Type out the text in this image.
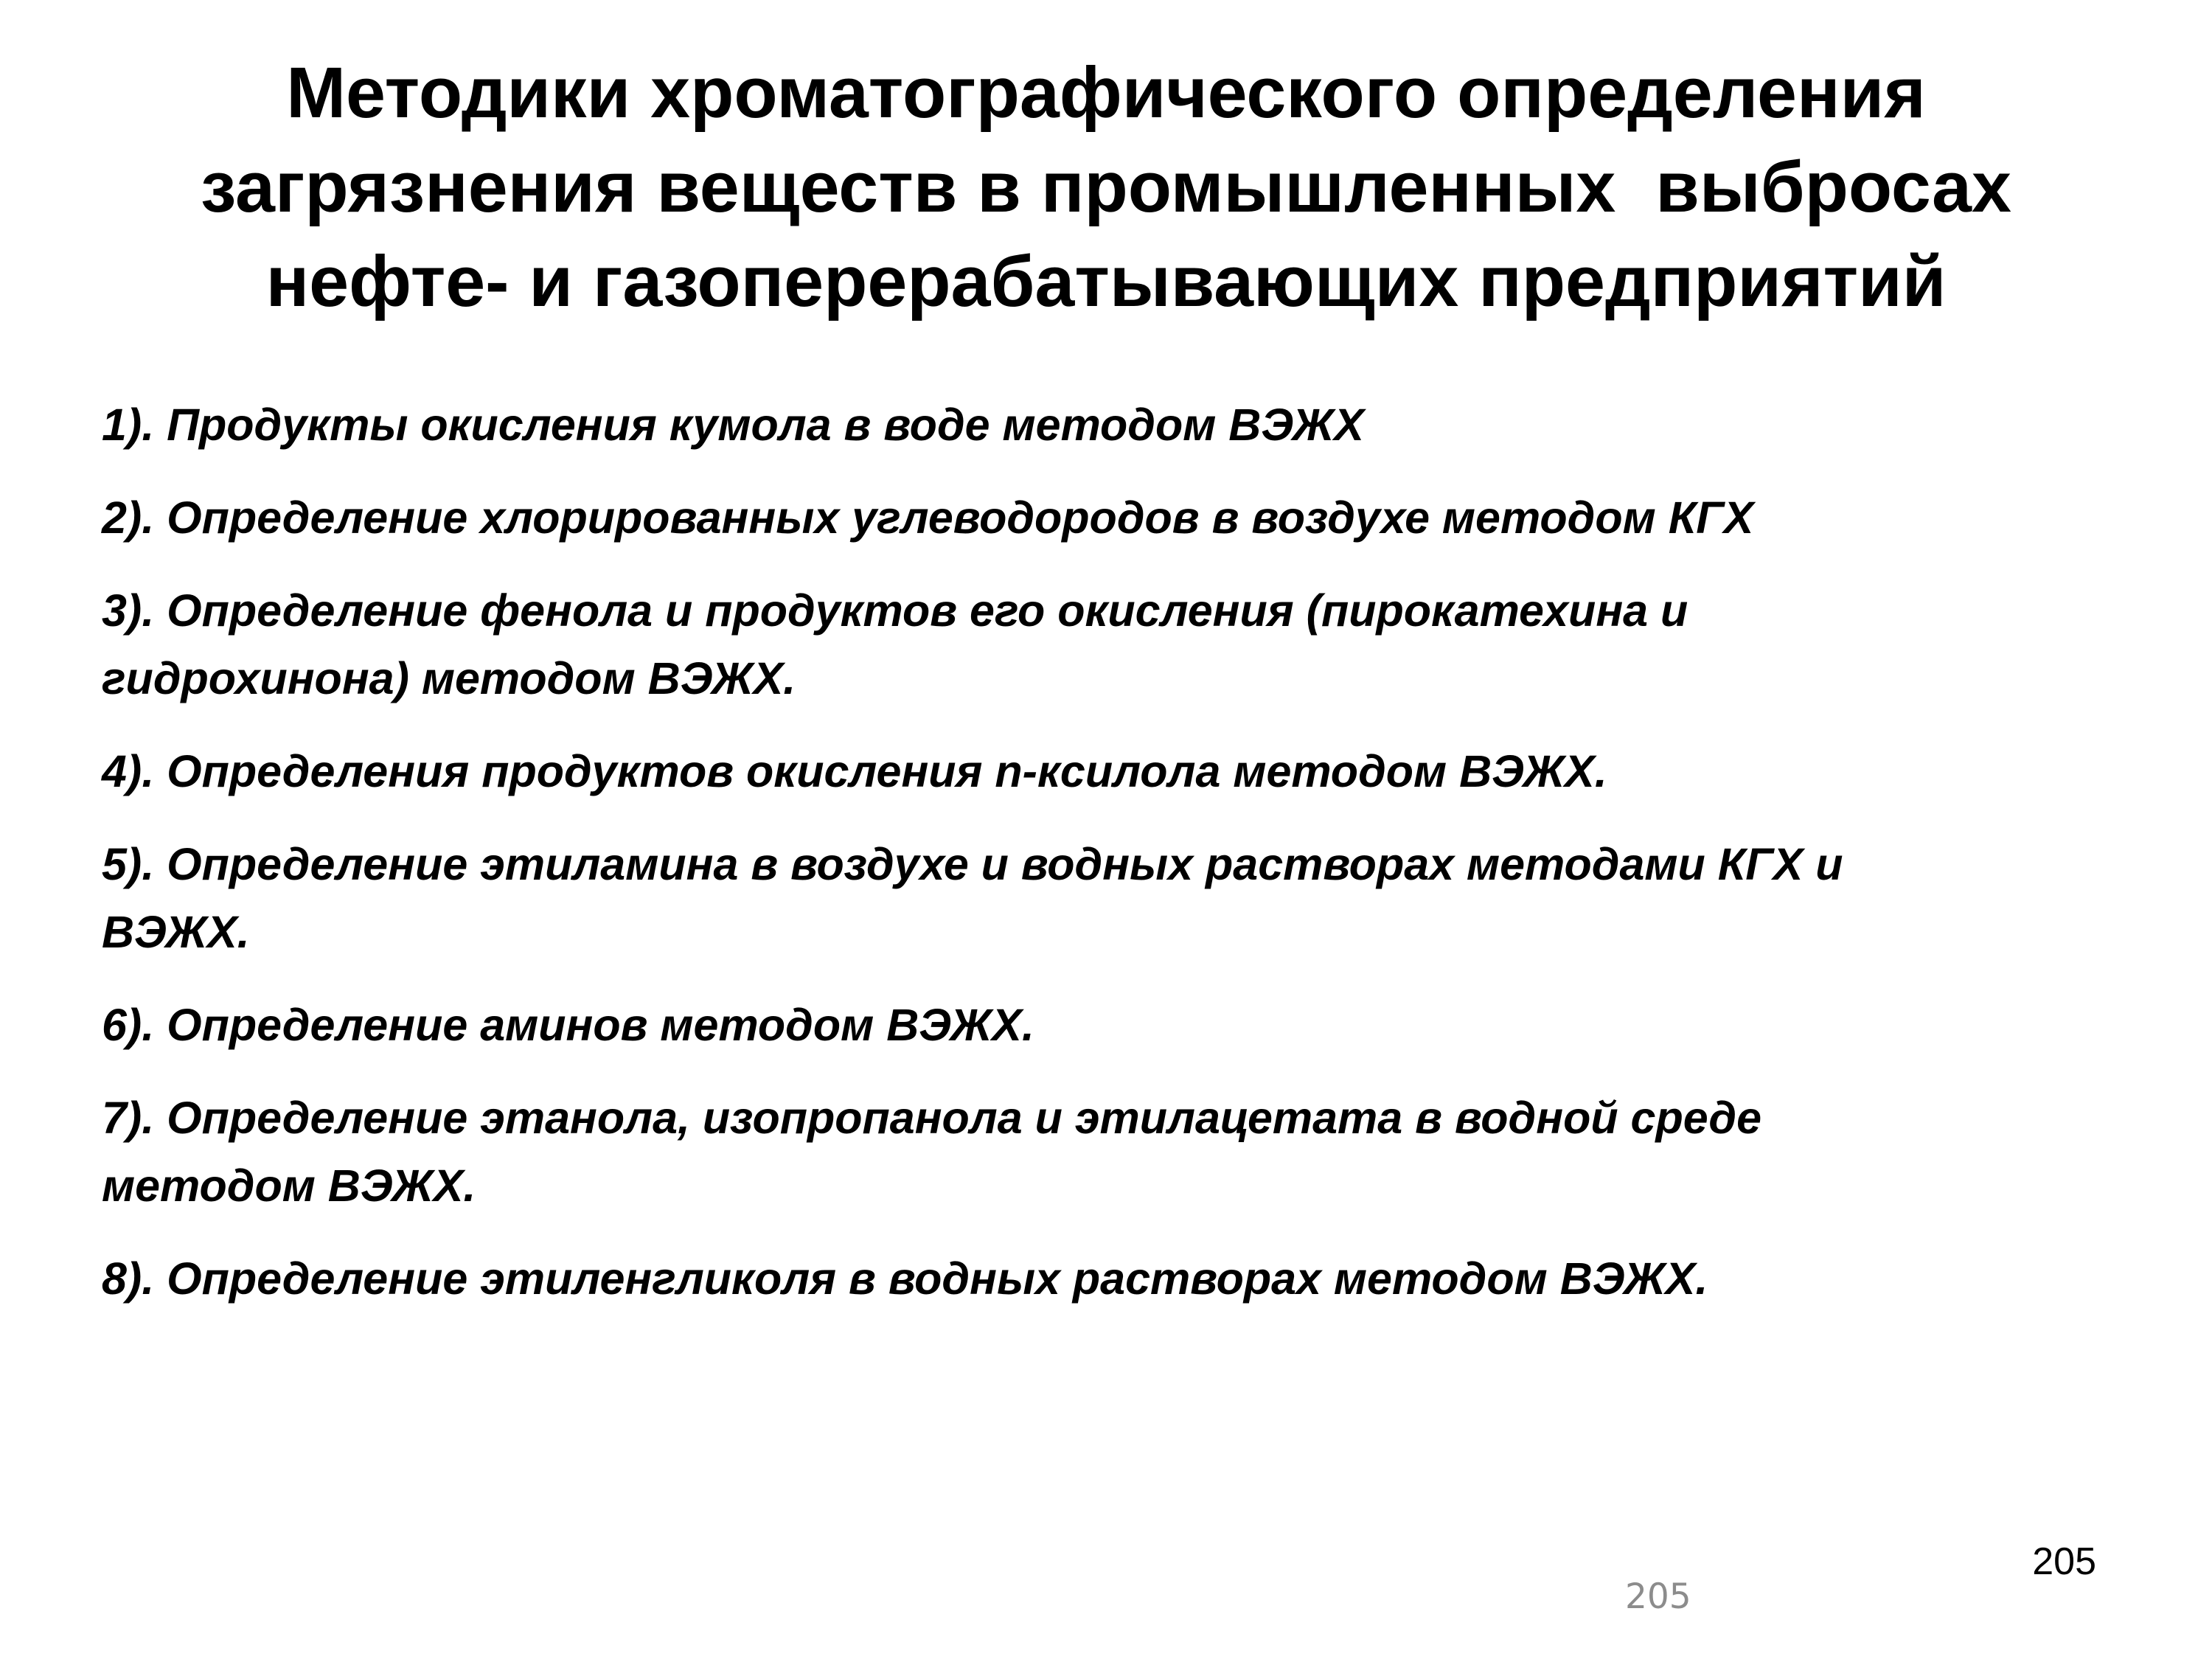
Методики хроматографического определения
загрязнения веществ в промышленных  выбросах
нефте- и газоперерабатывающих предприятий
1). Продукты окисления кумола в воде методом ВЭЖХ
2). Определение хлорированных углеводородов в воздухе методом КГХ
3). Определение фенола и продуктов его окисления (пирокатехина и
гидрохинона) методом ВЭЖХ.
4). Определения продуктов окисления n-ксилола методом ВЭЖХ.
5). Определение этиламина в воздухе и водных растворах методами КГХ и
ВЭЖХ.
6). Определение аминов методом ВЭЖХ.
7). Определение этанола, изопропанола и этилацетата в водной среде
методом ВЭЖХ.
8). Определение этиленгликоля в водных растворах методом ВЭЖХ.
205
205
